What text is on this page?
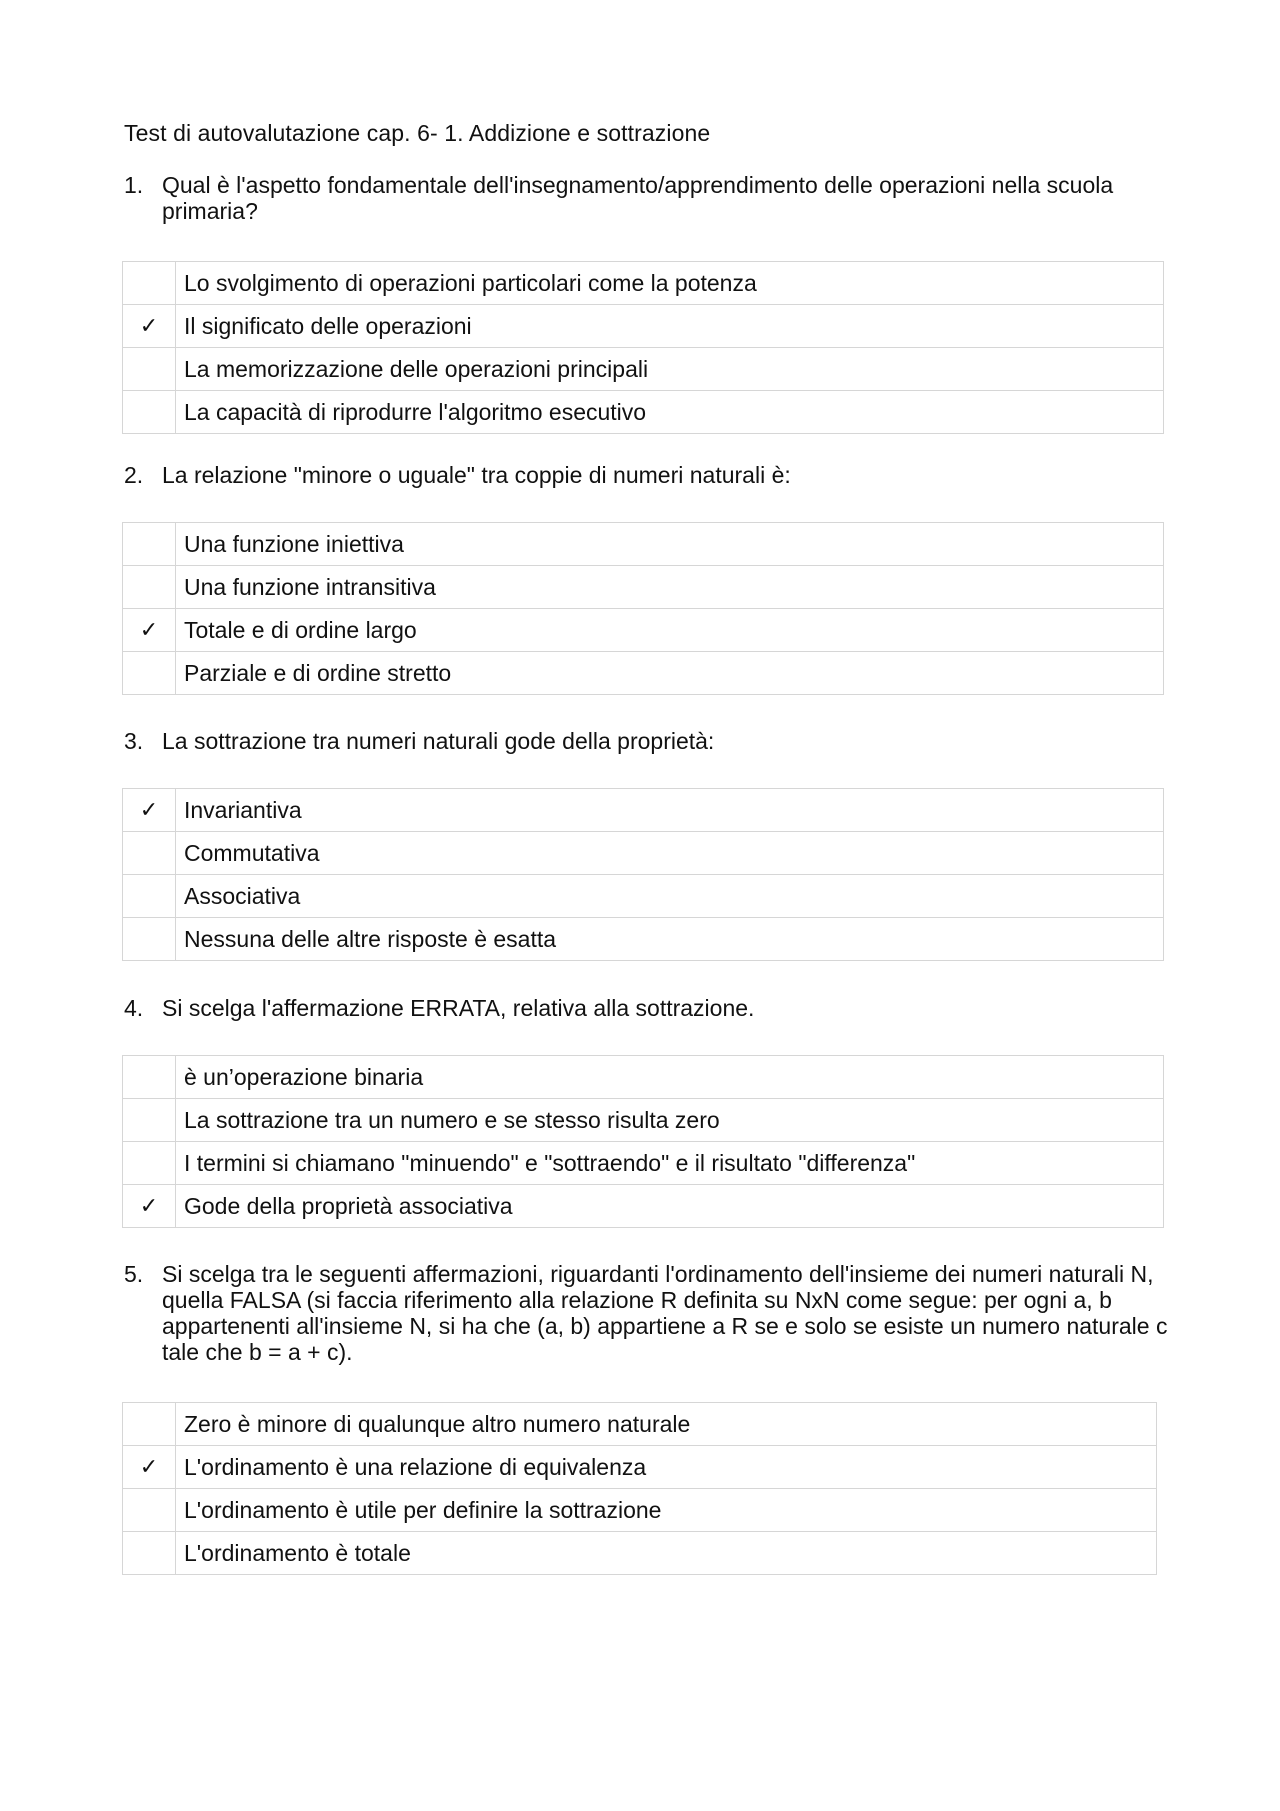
Test di autovalutazione cap. 6- 1. Addizione e sottrazione
1. Qual è l'aspetto fondamentale dell'insegnamento/apprendimento delle operazioni nella scuola primaria?
	Lo svolgimento di operazioni particolari come la potenza
✓	Il significato delle operazioni
	La memorizzazione delle operazioni principali
	La capacità di riprodurre l'algoritmo esecutivo
2. La relazione "minore o uguale" tra coppie di numeri naturali è:
	Una funzione iniettiva
	Una funzione intransitiva
✓	Totale e di ordine largo
	Parziale e di ordine stretto
3. La sottrazione tra numeri naturali gode della proprietà:
✓	Invariantiva
	Commutativa
	Associativa
	Nessuna delle altre risposte è esatta
4. Si scelga l'affermazione ERRATA, relativa alla sottrazione.
	è un’operazione binaria
	La sottrazione tra un numero e se stesso risulta zero
	I termini si chiamano "minuendo" e "sottraendo" e il risultato "differenza"
✓	Gode della proprietà associativa
5. Si scelga tra le seguenti affermazioni, riguardanti l'ordinamento dell'insieme dei numeri naturali N, quella FALSA (si faccia riferimento alla relazione R definita su NxN come segue: per ogni a, b appartenenti all'insieme N, si ha che (a, b) appartiene a R se e solo se esiste un numero naturale c tale che b = a + c).
	Zero è minore di qualunque altro numero naturale
✓	L'ordinamento è una relazione di equivalenza
	L'ordinamento è utile per definire la sottrazione
	L'ordinamento è totale
